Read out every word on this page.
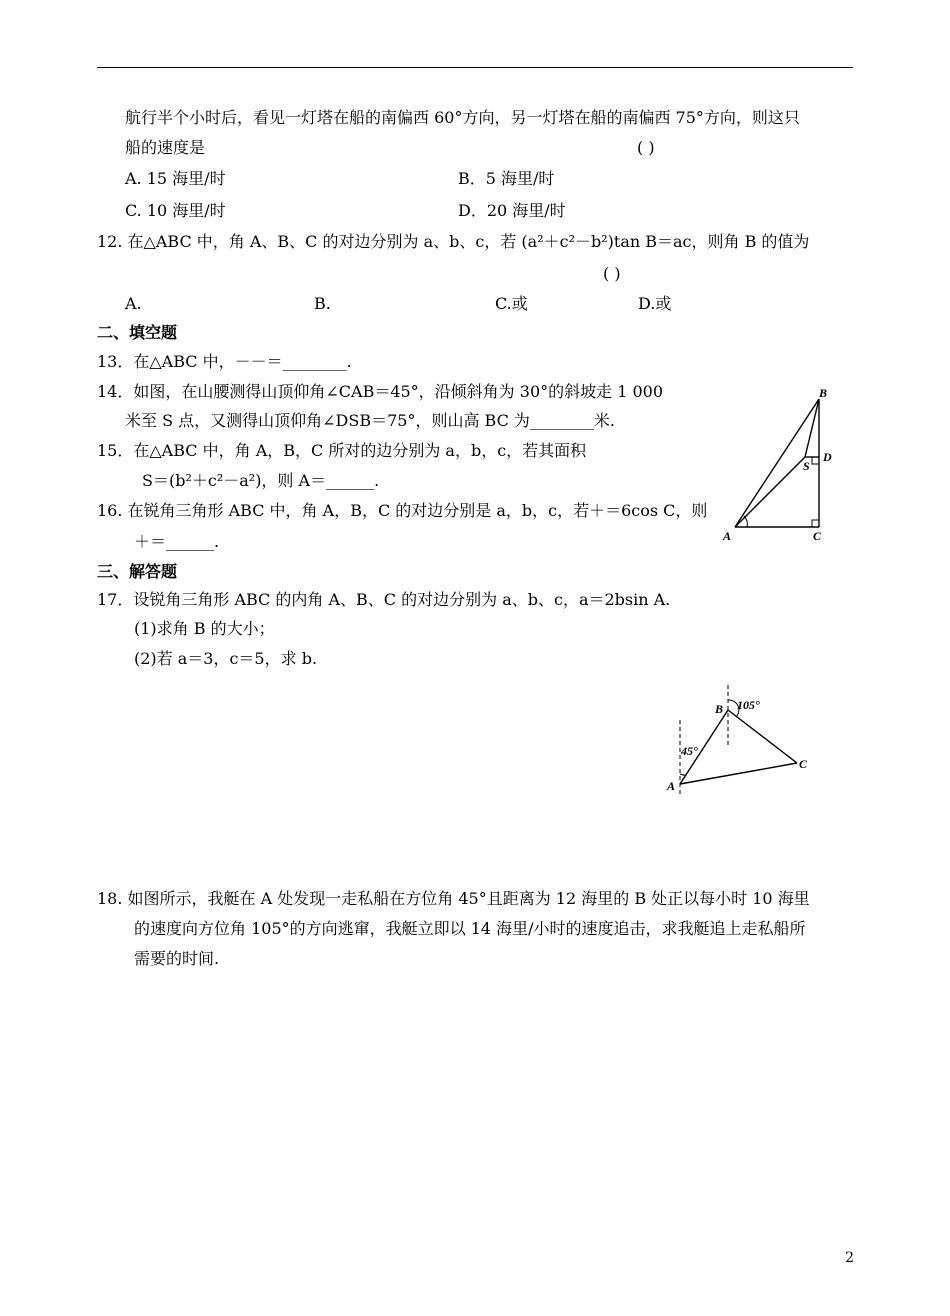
航行半个小时后，看见一灯塔在船的南偏西 60°方向，另一灯塔在船的南偏西 75°方向，则这只
船的速度是	( )
A. 15 海里/时	B．5 海里/时
C. 10 海里/时	D．20 海里/时
12. 在△ABC 中，角 A、B、C 的对边分别为 a、b、c，若 (a²＋c²－b²)tan B＝ac，则角 B 的值为
( )
A.	B.	C.或	D.或
二、填空题
13．在△ABC 中，－－＝________.
14．如图，在山腰测得山顶仰角∠CAB＝45°，沿倾斜角为 30°的斜坡走 1 000
米至 S 点，又测得山顶仰角∠DSB＝75°，则山高 BC 为________米.
15．在△ABC 中，角 A，B，C 所对的边分别为 a，b，c，若其面积
S＝(b²＋c²－a²)，则 A＝______.
16. 在锐角三角形 ABC 中，角 A，B，C 的对边分别是 a，b，c，若＋＝6cos C，则
＋＝______.
三、解答题
17．设锐角三角形 ABC 的内角 A、B、C 的对边分别为 a、b、c，a＝2bsin A.
(1)求角 B 的大小；
(2)若 a＝3，c＝5，求 b.
18. 如图所示，我艇在 A 处发现一走私船在方位角 45°且距离为 12 海里的 B 处正以每小时 10 海里
的速度向方位角 105°的方向逃窜，我艇立即以 14 海里/小时的速度追击，求我艇追上走私船所
需要的时间.
B
D
S
A	C
B 105°
45°
A
C
2
